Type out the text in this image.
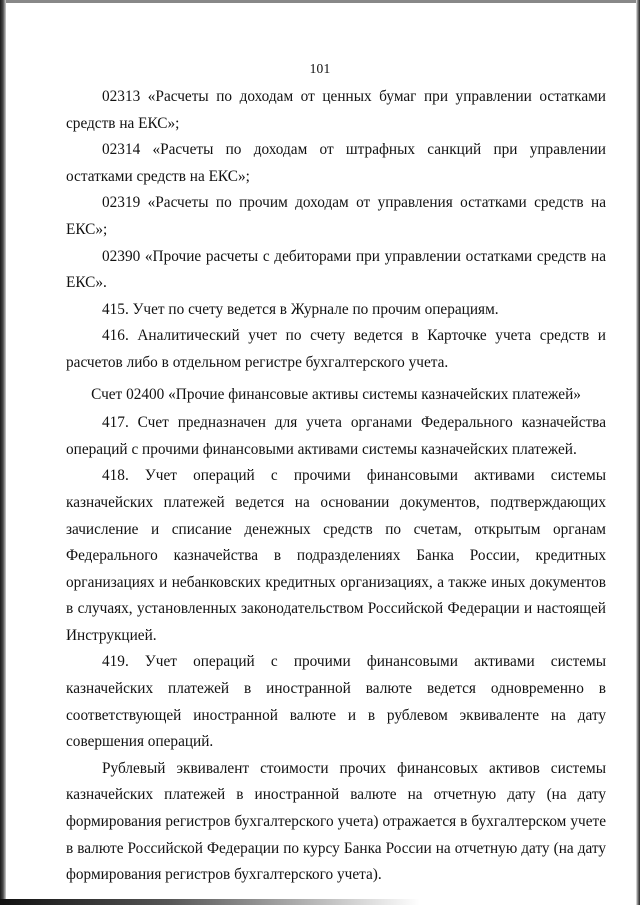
101

02313 «Расчеты по доходам от ценных бумаг при управлении остатками средств на ЕКС»;

02314 «Расчеты по доходам от штрафных санкций при управлении остатками средств на ЕКС»;

02319 «Расчеты по прочим доходам от управления остатками средств на ЕКС»;

02390 «Прочие расчеты с дебиторами при управлении остатками средств на ЕКС».

415. Учет по счету ведется в Журнале по прочим операциям.

416. Аналитический учет по счету ведется в Карточке учета средств и расчетов либо в отдельном регистре бухгалтерского учета.

Счет 02400 «Прочие финансовые активы системы казначейских платежей»

417. Счет предназначен для учета органами Федерального казначейства операций с прочими финансовыми активами системы казначейских платежей.

418. Учет операций с прочими финансовыми активами системы казначейских платежей ведется на основании документов, подтверждающих зачисление и списание денежных средств по счетам, открытым органам Федерального казначейства в подразделениях Банка России, кредитных организациях и небанковских кредитных организациях, а также иных документов в случаях, установленных законодательством Российской Федерации и настоящей Инструкцией.

419. Учет операций с прочими финансовыми активами системы казначейских платежей в иностранной валюте ведется одновременно в соответствующей иностранной валюте и в рублевом эквиваленте на дату совершения операций.

Рублевый эквивалент стоимости прочих финансовых активов системы казначейских платежей в иностранной валюте на отчетную дату (на дату формирования регистров бухгалтерского учета) отражается в бухгалтерском учете в валюте Российской Федерации по курсу Банка России на отчетную дату (на дату формирования регистров бухгалтерского учета).
